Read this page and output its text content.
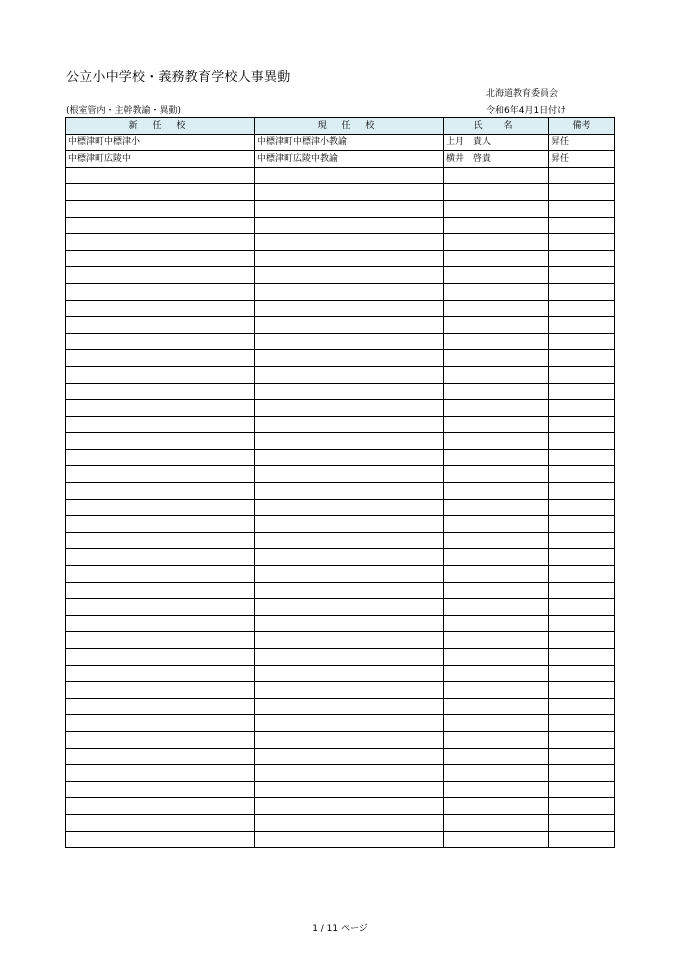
公立小中学校・義務教育学校人事異動
北海道教育委員会
(根室管内・主幹教諭・異動)	令和6年4月1日付け
新 任 校	現 任 校	氏　名	備考
中標津町中標津小	中標津町中標津小教諭	上月　貴人	昇任
中標津町広陵中	中標津町広陵中教諭	横井　啓貴	昇任

1 / 11 ページ
